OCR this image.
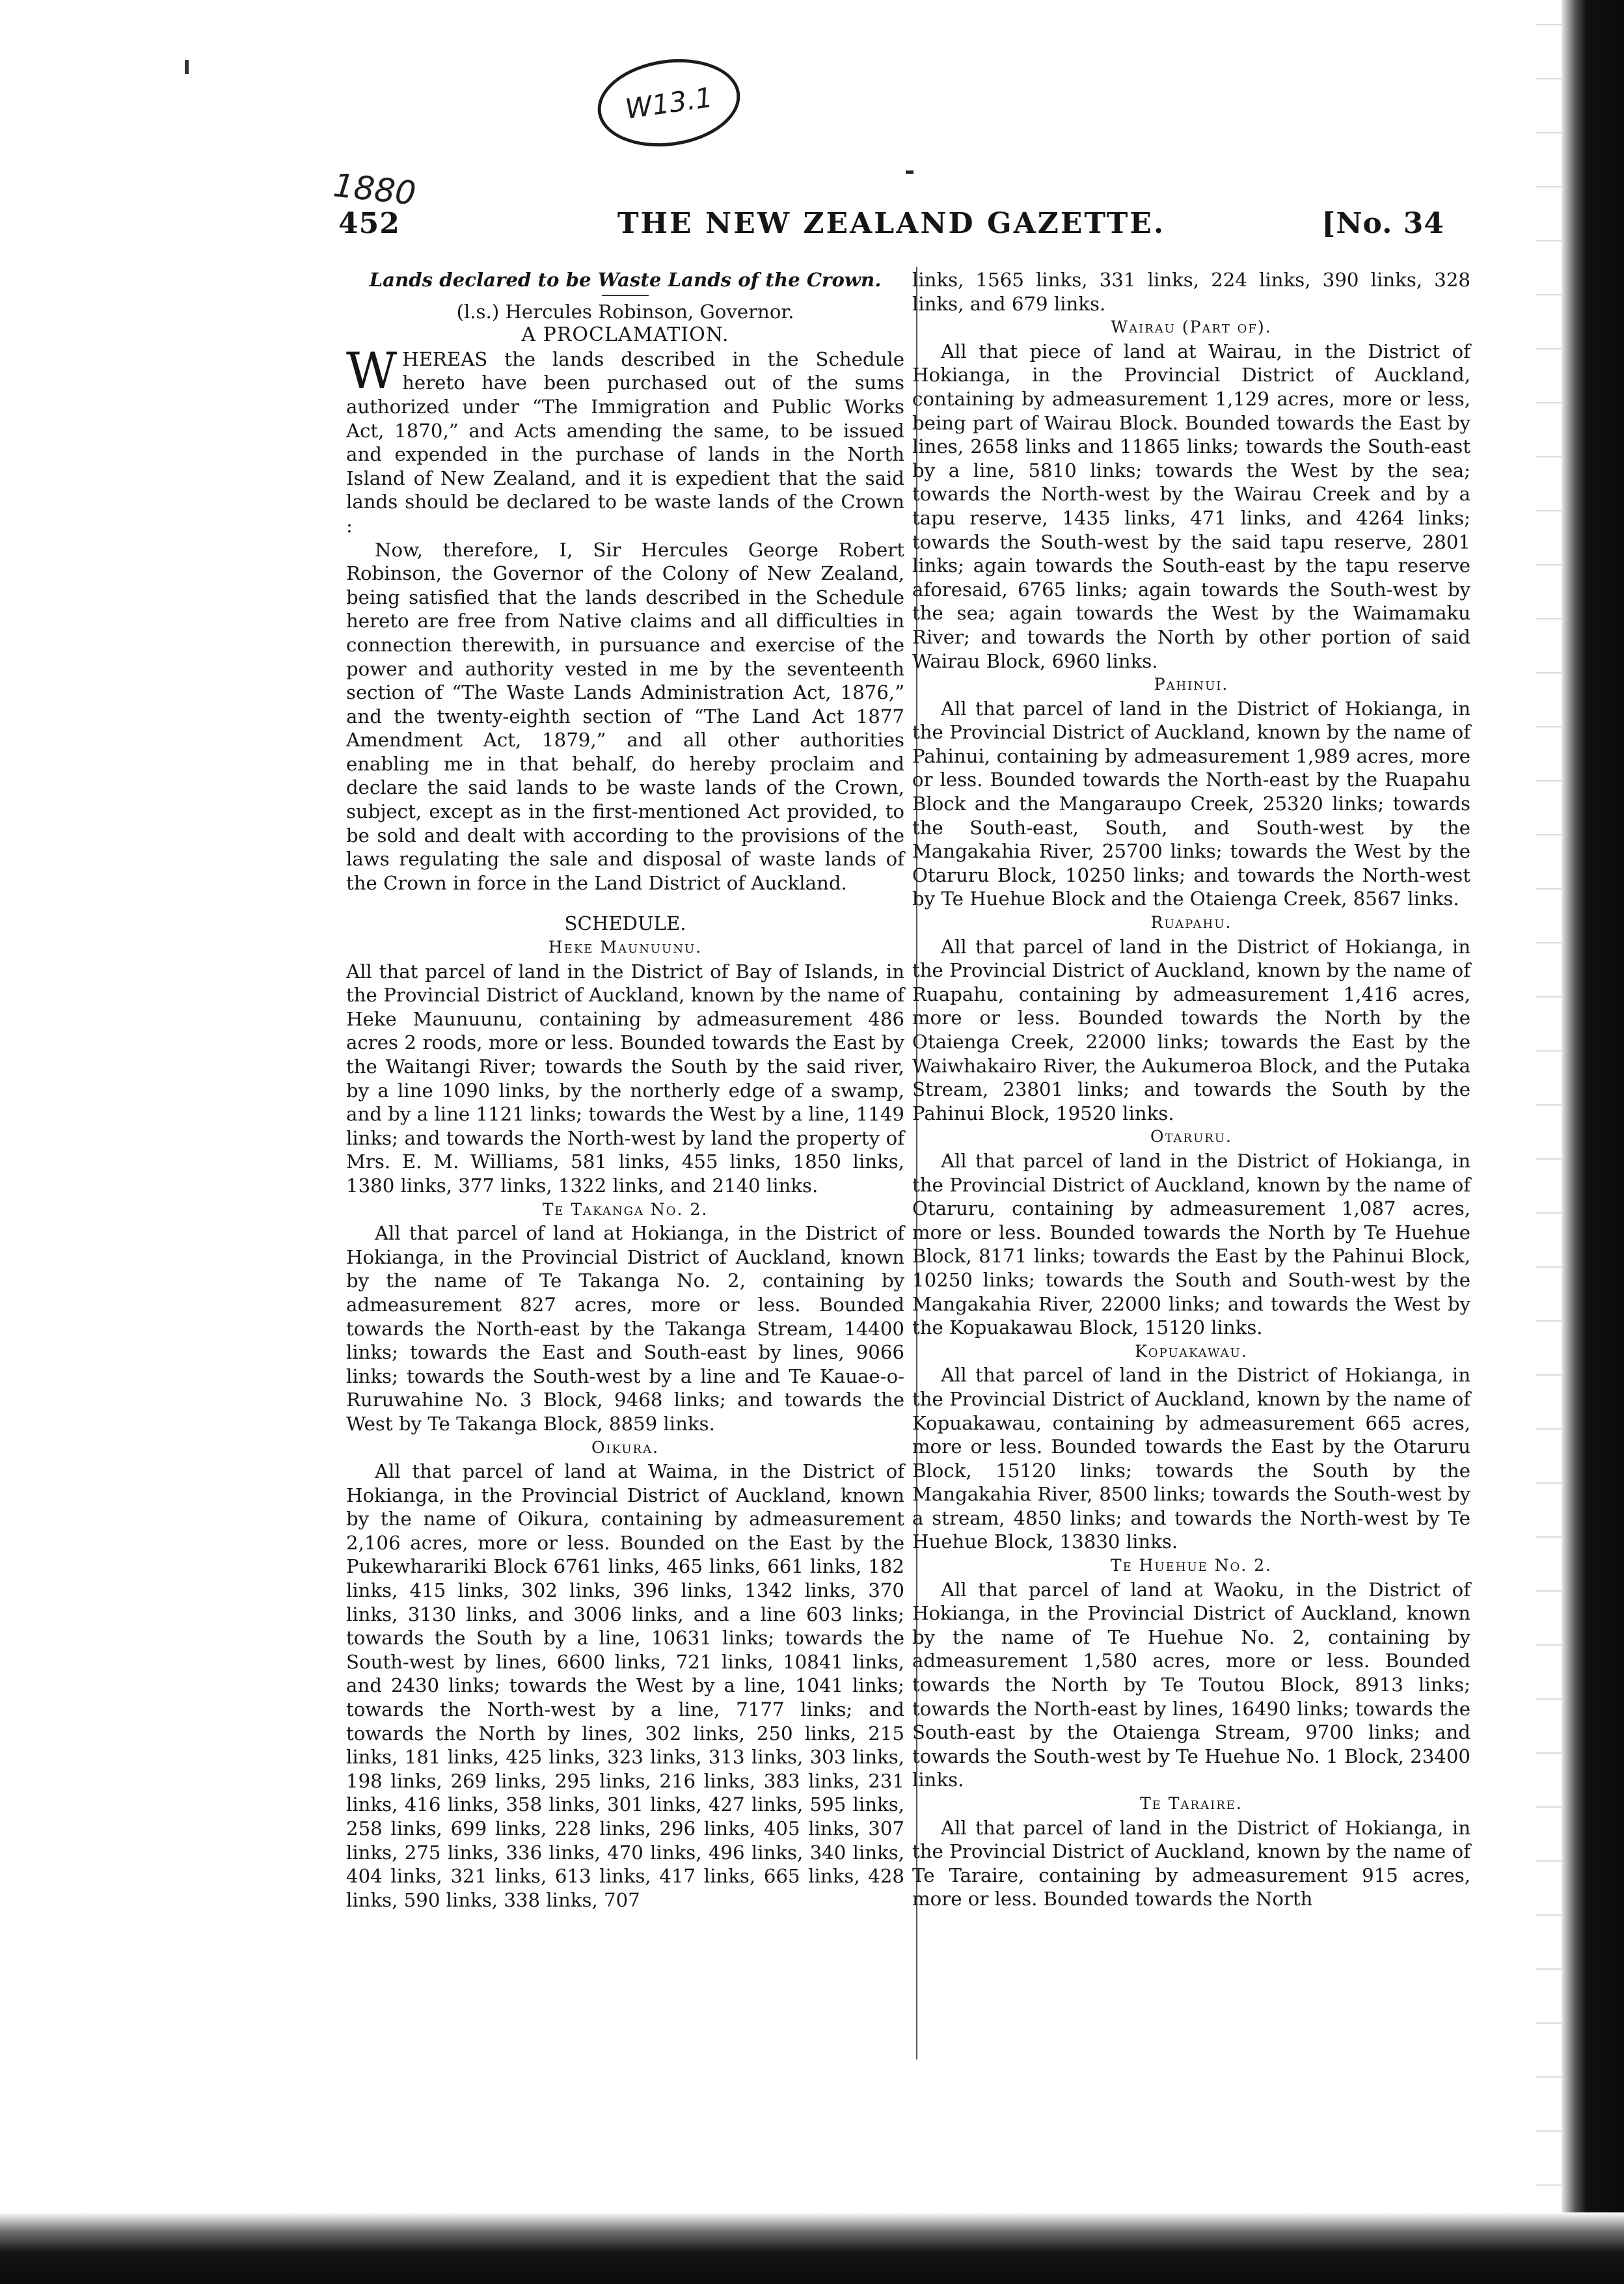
W13.1
1880
452	THE NEW ZEALAND GAZETTE.	[No. 34

Lands declared to be Waste Lands of the Crown.

(l.s.) Hercules Robinson, Governor.

A PROCLAMATION.

WHEREAS the lands described in the Schedule hereto have been purchased out of the sums authorized under “The Immigration and Public Works Act, 1870,” and Acts amending the same, to be issued and expended in the purchase of lands in the North Island of New Zealand, and it is expedient that the said lands should be declared to be waste lands of the Crown :

Now, therefore, I, Sir Hercules George Robert Robinson, the Governor of the Colony of New Zealand, being satisfied that the lands described in the Schedule hereto are free from Native claims and all difficulties in connection therewith, in pursuance and exercise of the power and authority vested in me by the seventeenth section of “The Waste Lands Administration Act, 1876,” and the twenty-eighth section of “The Land Act 1877 Amendment Act, 1879,” and all other authorities enabling me in that behalf, do hereby proclaim and declare the said lands to be waste lands of the Crown, subject, except as in the first-mentioned Act provided, to be sold and dealt with according to the provisions of the laws regulating the sale and disposal of waste lands of the Crown in force in the Land District of Auckland.

SCHEDULE.

Heke Maunuunu.

All that parcel of land in the District of Bay of Islands, in the Provincial District of Auckland, known by the name of Heke Maunuunu, containing by admeasurement 486 acres 2 roods, more or less. Bounded towards the East by the Waitangi River; towards the South by the said river, by a line 1090 links, by the northerly edge of a swamp, and by a line 1121 links; towards the West by a line, 1149 links; and towards the North-west by land the property of Mrs. E. M. Williams, 581 links, 455 links, 1850 links, 1380 links, 377 links, 1322 links, and 2140 links.

Te Takanga No. 2.

All that parcel of land at Hokianga, in the District of Hokianga, in the Provincial District of Auckland, known by the name of Te Takanga No. 2, containing by admeasurement 827 acres, more or less. Bounded towards the North-east by the Takanga Stream, 14400 links; towards the East and South-east by lines, 9066 links; towards the South-west by a line and Te Kauae-o-Ruruwahine No. 3 Block, 9468 links; and towards the West by Te Takanga Block, 8859 links.

Oikura.

All that parcel of land at Waima, in the District of Hokianga, in the Provincial District of Auckland, known by the name of Oikura, containing by admeasurement 2,106 acres, more or less. Bounded on the East by the Pukewharariki Block 6761 links, 465 links, 661 links, 182 links, 415 links, 302 links, 396 links, 1342 links, 370 links, 3130 links, and 3006 links, and a line 603 links; towards the South by a line, 10631 links; towards the South-west by lines, 6600 links, 721 links, 10841 links, and 2430 links; towards the West by a line, 1041 links; towards the North-west by a line, 7177 links; and towards the North by lines, 302 links, 250 links, 215 links, 181 links, 425 links, 323 links, 313 links, 303 links, 198 links, 269 links, 295 links, 216 links, 383 links, 231 links, 416 links, 358 links, 301 links, 427 links, 595 links, 258 links, 699 links, 228 links, 296 links, 405 links, 307 links, 275 links, 336 links, 470 links, 496 links, 340 links, 404 links, 321 links, 613 links, 417 links, 665 links, 428 links, 590 links, 338 links, 707

links, 1565 links, 331 links, 224 links, 390 links, 328 links, and 679 links.

Wairau (Part of).

All that piece of land at Wairau, in the District of Hokianga, in the Provincial District of Auckland, containing by admeasurement 1,129 acres, more or less, being part of Wairau Block. Bounded towards the East by lines, 2658 links and 11865 links; towards the South-east by a line, 5810 links; towards the West by the sea; towards the North-west by the Wairau Creek and by a tapu reserve, 1435 links, 471 links, and 4264 links; towards the South-west by the said tapu reserve, 2801 links; again towards the South-east by the tapu reserve aforesaid, 6765 links; again towards the South-west by the sea; again towards the West by the Waimamaku River; and towards the North by other portion of said Wairau Block, 6960 links.

Pahinui.

All that parcel of land in the District of Hokianga, in the Provincial District of Auckland, known by the name of Pahinui, containing by admeasurement 1,989 acres, more or less. Bounded towards the North-east by the Ruapahu Block and the Mangaraupo Creek, 25320 links; towards the South-east, South, and South-west by the Mangakahia River, 25700 links; towards the West by the Otaruru Block, 10250 links; and towards the North-west by Te Huehue Block and the Otaienga Creek, 8567 links.

Ruapahu.

All that parcel of land in the District of Hokianga, in the Provincial District of Auckland, known by the name of Ruapahu, containing by admeasurement 1,416 acres, more or less. Bounded towards the North by the Otaienga Creek, 22000 links; towards the East by the Waiwhakairo River, the Aukumeroa Block, and the Putaka Stream, 23801 links; and towards the South by the Pahinui Block, 19520 links.

Otaruru.

All that parcel of land in the District of Hokianga, in the Provincial District of Auckland, known by the name of Otaruru, containing by admeasurement 1,087 acres, more or less. Bounded towards the North by Te Huehue Block, 8171 links; towards the East by the Pahinui Block, 10250 links; towards the South and South-west by the Mangakahia River, 22000 links; and towards the West by the Kopuakawau Block, 15120 links.

Kopuakawau.

All that parcel of land in the District of Hokianga, in the Provincial District of Auckland, known by the name of Kopuakawau, containing by admeasurement 665 acres, more or less. Bounded towards the East by the Otaruru Block, 15120 links; towards the South by the Mangakahia River, 8500 links; towards the South-west by a stream, 4850 links; and towards the North-west by Te Huehue Block, 13830 links.

Te Huehue No. 2.

All that parcel of land at Waoku, in the District of Hokianga, in the Provincial District of Auckland, known by the name of Te Huehue No. 2, containing by admeasurement 1,580 acres, more or less. Bounded towards the North by Te Toutou Block, 8913 links; towards the North-east by lines, 16490 links; towards the South-east by the Otaienga Stream, 9700 links; and towards the South-west by Te Huehue No. 1 Block, 23400 links.

Te Taraire.

All that parcel of land in the District of Hokianga, in the Provincial District of Auckland, known by the name of Te Taraire, containing by admeasurement 915 acres, more or less. Bounded towards the North
